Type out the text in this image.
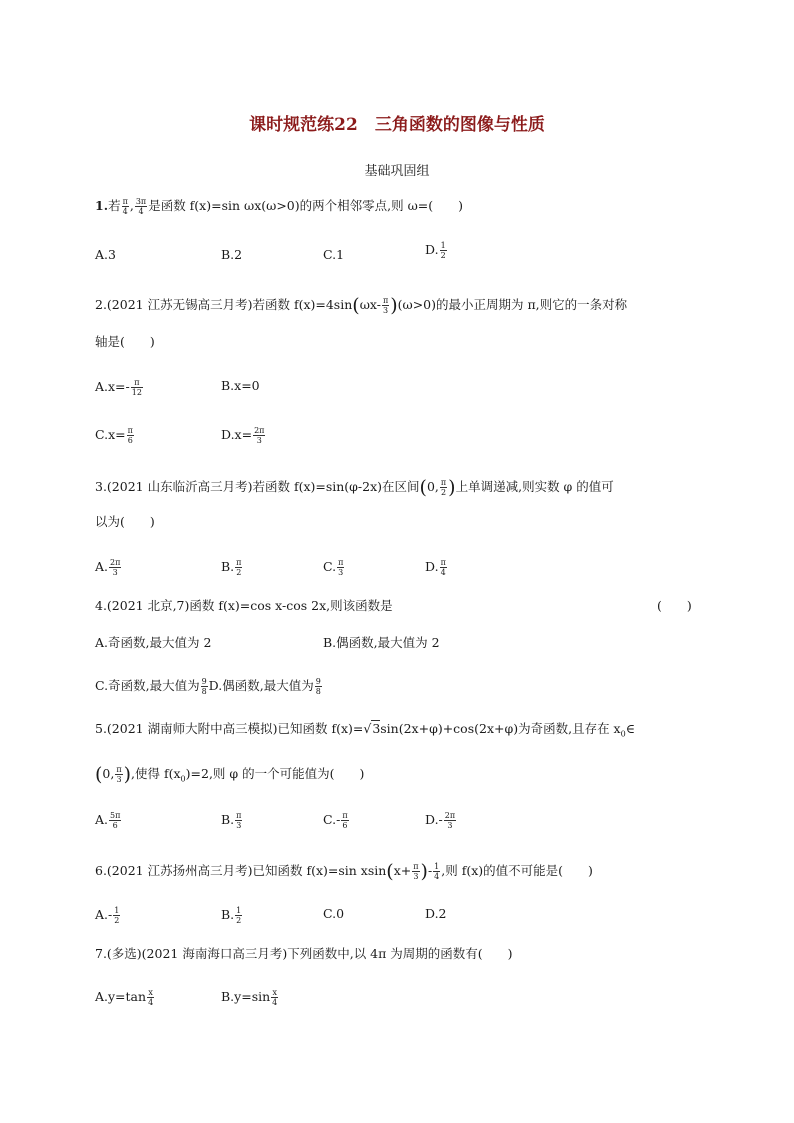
课时规范练22　三角函数的图像与性质
基础巩固组
1.若 $\frac{\pi}{4}$ , $\frac{3\pi}{4}$ 是函数 f(x)=sin ωx(ω>0)的两个相邻零点,则 ω=(　　)
A.3	B.2	C.1	D. $\frac{1}{2}$
2.(2021 江苏无锡高三月考)若函数 $f(x)=4\sin(\omega x- \frac{\pi}{3} )(\omega>0)$的最小正周期为 π,则它的一条对称
轴是(　　)
$A.x=- \frac{\pi}{12}$	B.x=0
$C.x= \frac{\pi}{6}$	$D.x= \frac{2\pi}{3}$
3.(2021 山东临沂高三月考)若函数 f(x)=sin(φ-2x)在区间(0, $\frac{\pi}{2}$ )上单调递减,则实数 φ 的值可
以为(　　)
A. $\frac{2\pi}{3}$	B. $\frac{\pi}{2}$	C. $\frac{\pi}{3}$	D. $\frac{\pi}{4}$
4.(2021 北京,7)函数 f(x)=cos x-cos 2x,则该函数是	(　　)
A.奇函数,最大值为 2	B.偶函数,最大值为 2
C.奇函数,最大值为 $\frac{9}{8} D$.偶函数,最大值为 $\frac{9}{8}$
5.(2021 湖南师大附中高三模拟)已知函数 f(x)=√3sin(2x+φ)+cos(2x+φ)为奇函数,且存在 $x_0\in$
(0, $\frac{\pi}{3}$ ),使得 $f(x_0)=2$,则 φ 的一个可能值为(　　)
A. $\frac{5\pi}{6}$	B. $\frac{\pi}{3}$	$C.- \frac{\pi}{6}$	$D.- \frac{2\pi}{3}$
6.(2021 江苏扬州高三月考)已知函数 f(x)=sin $xsin(x+ \frac{\pi}{3}$ )- $\frac{1}{4}$ ,则 f(x)的值不可能是(　　)
$A.- \frac{1}{2}$	B. $\frac{1}{2}$	C.0	D.2
7.(多选)(2021 海南海口高三月考)下列函数中,以 4π 为周期的函数有(　　)
$A.y=\tan \frac{x}{4}$	$B.y=\sin \frac{x}{4}$
